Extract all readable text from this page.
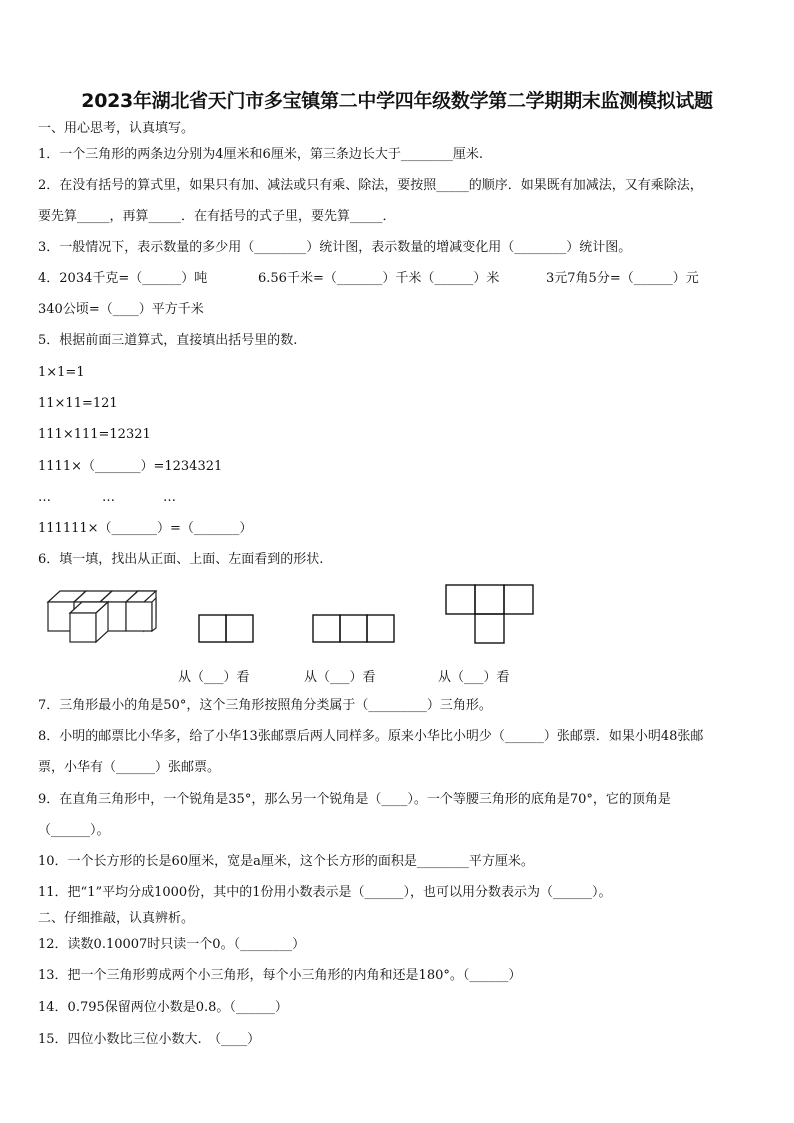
2023年湖北省天门市多宝镇第二中学四年级数学第二学期期末监测模拟试题
一、用心思考，认真填写。
1．一个三角形的两条边分别为4厘米和6厘米，第三条边长大于________厘米.
2．在没有括号的算式里，如果只有加、减法或只有乘、除法，要按照_____的顺序．如果既有加减法，又有乘除法，
要先算_____，再算_____．在有括号的式子里，要先算_____．
3．一般情况下，表示数量的多少用（________）统计图，表示数量的增减变化用（________）统计图。
4．2034千克=（______）吨	6.56千米=（_______）千米（______）米	3元7角5分=（______）元
340公顷=（____）平方千米
5．根据前面三道算式，直接填出括号里的数.
1×1=1
11×11=121
111×111=12321
1111×（_______）=1234321
…	…	…
111111×（_______）=（_______）
6．填一填，找出从正面、上面、左面看到的形状.
从（___）看	从（___）看	从（___）看
7．三角形最小的角是50°，这个三角形按照角分类属于（_________）三角形。
8．小明的邮票比小华多，给了小华13张邮票后两人同样多。原来小华比小明少（______）张邮票．如果小明48张邮
票，小华有（______）张邮票。
9．在直角三角形中，一个锐角是35°，那么另一个锐角是（____）。一个等腰三角形的底角是70°，它的顶角是
（______）。
10．一个长方形的长是60厘米，宽是a厘米，这个长方形的面积是________平方厘米。
11．把“1”平均分成1000份，其中的1份用小数表示是（______），也可以用分数表示为（______）。
二、仔细推敲，认真辨析。
12．读数0.10007时只读一个0。（________）
13．把一个三角形剪成两个小三角形，每个小三角形的内角和还是180°。（______）
14．0.795保留两位小数是0.8。（______）
15．四位小数比三位小数大.　（____）
